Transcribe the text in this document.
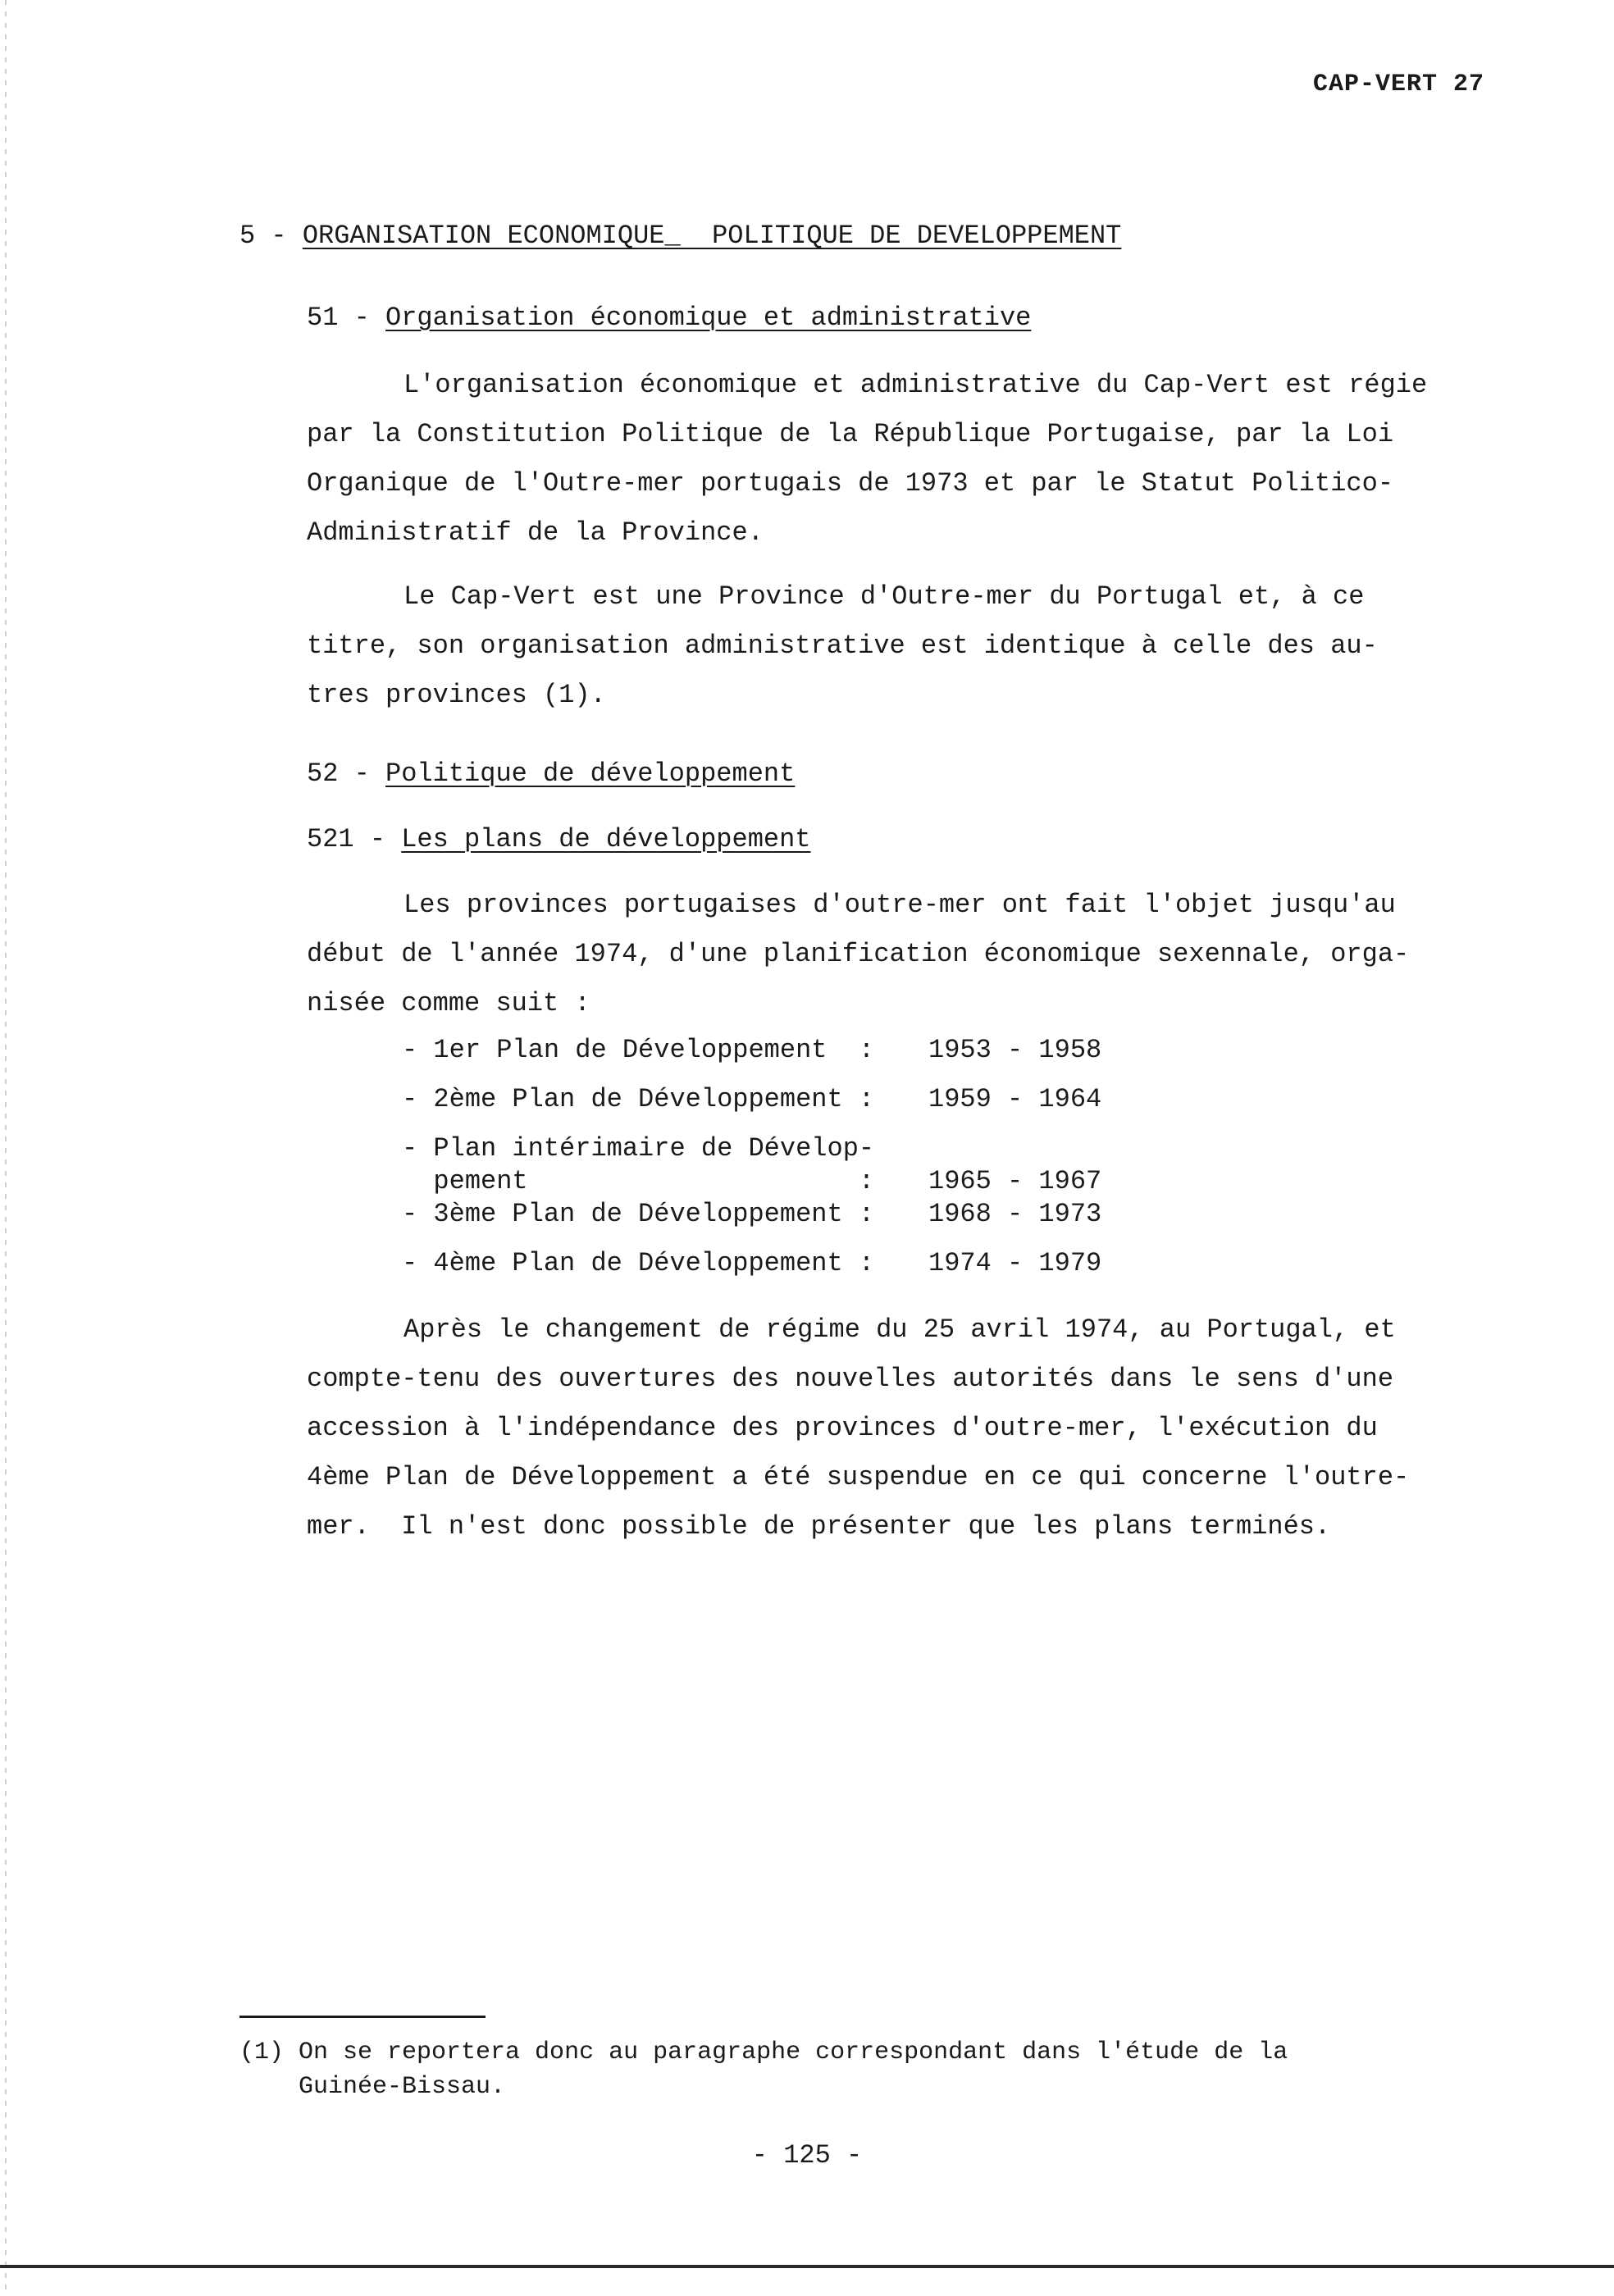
CAP-VERT 27
5 - ORGANISATION ECONOMIQUE_  POLITIQUE DE DEVELOPPEMENT
51 - Organisation économique et administrative
L'organisation économique et administrative du Cap-Vert est régie
par la Constitution Politique de la République Portugaise, par la Loi
Organique de l'Outre-mer portugais de 1973 et par le Statut Politico-
Administratif de la Province.
Le Cap-Vert est une Province d'Outre-mer du Portugal et, à ce
titre, son organisation administrative est identique à celle des au-
tres provinces (1).
52 - Politique de développement
521 - Les plans de développement
Les provinces portugaises d'outre-mer ont fait l'objet jusqu'au
début de l'année 1974, d'une planification économique sexennale, orga-
nisée comme suit :
- 1er Plan de Développement  : 1953 - 1958
- 2ème Plan de Développement : 1959 - 1964
- Plan intérimaire de Dévelop-
pement                     : 1965 - 1967
- 3ème Plan de Développement : 1968 - 1973
- 4ème Plan de Développement : 1974 - 1979
Après le changement de régime du 25 avril 1974, au Portugal, et
compte-tenu des ouvertures des nouvelles autorités dans le sens d'une
accession à l'indépendance des provinces d'outre-mer, l'exécution du
4ème Plan de Développement a été suspendue en ce qui concerne l'outre-
mer.  Il n'est donc possible de présenter que les plans terminés.
(1) On se reportera donc au paragraphe correspondant dans l'étude de la
Guinée-Bissau.
- 125 -
